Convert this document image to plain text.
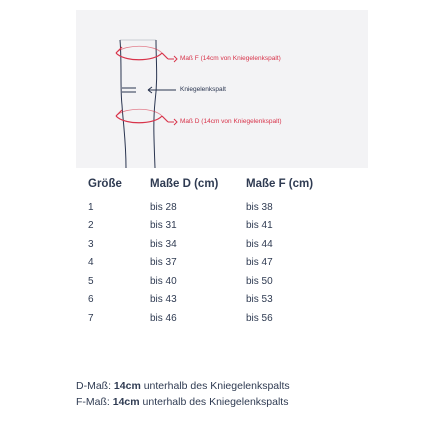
Maß F (14cm von Kniegelenkspalt)
Kniegelenkspalt
Maß D (14cm von Kniegelenkspalt)
Größe	Maße D (cm)	Maße F (cm)
1	bis 28	bis 38
2	bis 31	bis 41
3	bis 34	bis 44
4	bis 37	bis 47
5	bis 40	bis 50
6	bis 43	bis 53
7	bis 46	bis 56
D-Maß: 14cm unterhalb des Kniegelenkspalts
F-Maß: 14cm unterhalb des Kniegelenkspalts
